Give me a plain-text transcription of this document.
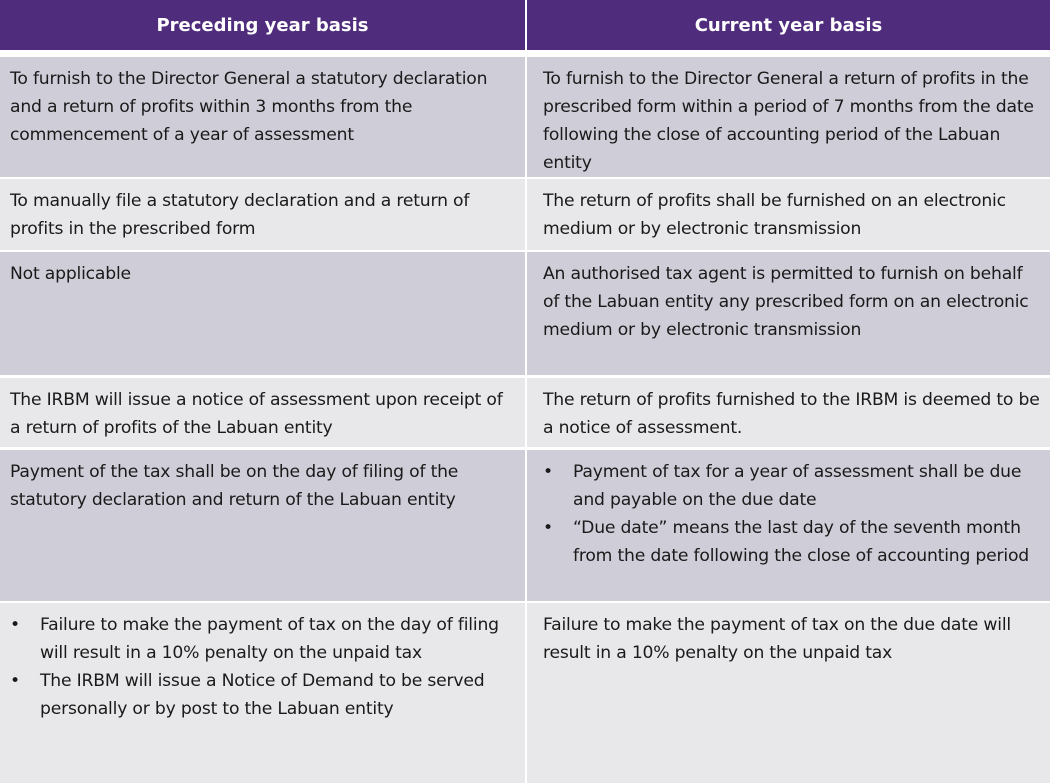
Preceding year basis	Current year basis
To furnish to the Director General a statutory declaration and a return of profits within 3 months from the commencement of a year of assessment
To furnish to the Director General a return of profits in the prescribed form within a period of 7 months from the date following the close of accounting period of the Labuan entity
To manually file a statutory declaration and a return of profits in the prescribed form
The return of profits shall be furnished on an electronic medium or by electronic transmission
Not applicable	An authorised tax agent is permitted to furnish on behalf of the Labuan entity any prescribed form on an electronic medium or by electronic transmission
The IRBM will issue a notice of assessment upon receipt of a return of profits of the Labuan entity
The return of profits furnished to the IRBM is deemed to be a notice of assessment.
Payment of the tax shall be on the day of filing of the statutory declaration and return of the Labuan entity
• Payment of tax for a year of assessment shall be due and payable on the due date
• “Due date” means the last day of the seventh month from the date following the close of accounting period
• Failure to make the payment of tax on the day of filing will result in a 10% penalty on the unpaid tax
• The IRBM will issue a Notice of Demand to be served personally or by post to the Labuan entity
Failure to make the payment of tax on the due date will result in a 10% penalty on the unpaid tax
